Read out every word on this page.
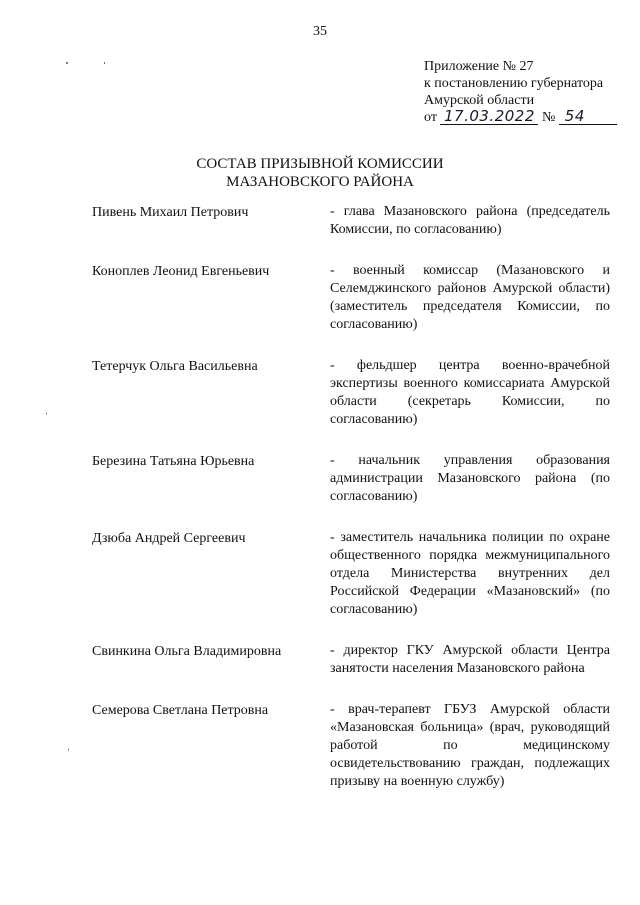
35
Приложение № 27
к постановлению губернатора
Амурской области
от 17.03.2022 № 54
СОСТАВ ПРИЗЫВНОЙ КОМИССИИ
МАЗАНОВСКОГО РАЙОНА
Пивень Михаил Петрович	- глава Мазановского района (председатель Комиссии, по согласованию)
Коноплев Леонид Евгеньевич	- военный комиссар (Мазановского и Селемджинского районов Амурской области) (заместитель председателя Комиссии, по согласованию)
Тетерчук Ольга Васильевна	- фельдшер центра военно-врачебной экспертизы военного комиссариата Амурской области (секретарь Комиссии, по согласованию)
Березина Татьяна Юрьевна	- начальник управления образования администрации Мазановского района (по согласованию)
Дзюба Андрей Сергеевич	- заместитель начальника полиции по охране общественного порядка межмуниципального отдела Министерства внутренних дел Российской Федерации «Мазановский» (по согласованию)
Свинкина Ольга Владимировна	- директор ГКУ Амурской области Центра занятости населения Мазановского района
Семерова Светлана Петровна	- врач-терапевт ГБУЗ Амурской области «Мазановская больница» (врач, руководящий работой по медицинскому освидетельствованию граждан, подлежащих призыву на военную службу)
